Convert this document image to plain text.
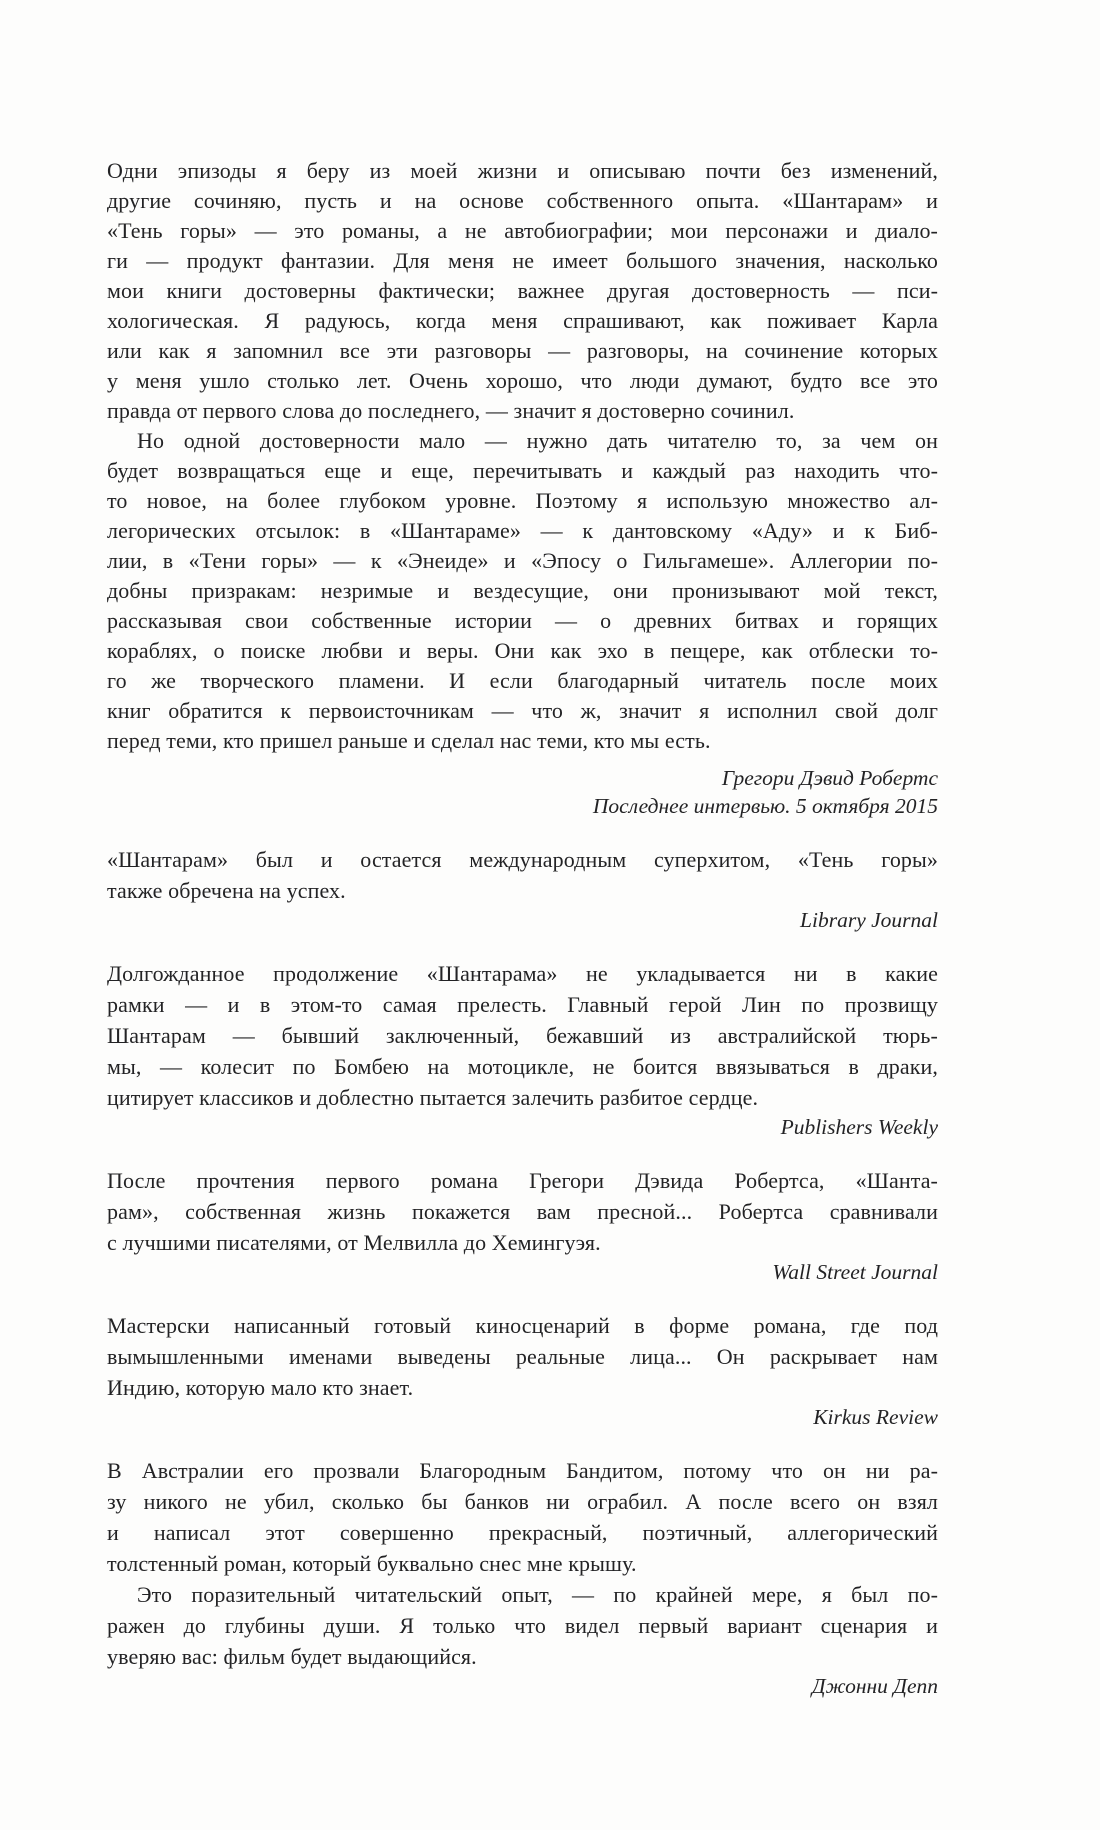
Одни эпизоды я беру из моей жизни и описываю почти без изменений,
другие сочиняю, пусть и на основе собственного опыта. «Шантарам» и
«Тень горы» — это романы, а не автобиографии; мои персонажи и диало-
ги — продукт фантазии. Для меня не имеет большого значения, насколько
мои книги достоверны фактически; важнее другая достоверность — пси-
хологическая. Я радуюсь, когда меня спрашивают, как поживает Карла
или как я запомнил все эти разговоры — разговоры, на сочинение которых
у меня ушло столько лет. Очень хорошо, что люди думают, будто все это
правда от первого слова до последнего, — значит я достоверно сочинил.
Но одной достоверности мало — нужно дать читателю то, за чем он
будет возвращаться еще и еще, перечитывать и каждый раз находить что-
то новое, на более глубоком уровне. Поэтому я использую множество ал-
легорических отсылок: в «Шантараме» — к дантовскому «Аду» и к Биб-
лии, в «Тени горы» — к «Энеиде» и «Эпосу о Гильгамеше». Аллегории по-
добны призракам: незримые и вездесущие, они пронизывают мой текст,
рассказывая свои собственные истории — о древних битвах и горящих
кораблях, о поиске любви и веры. Они как эхо в пещере, как отблески то-
го же творческого пламени. И если благодарный читатель после моих
книг обратится к первоисточникам — что ж, значит я исполнил свой долг
перед теми, кто пришел раньше и сделал нас теми, кто мы есть.
Грегори Дэвид Робертс
Последнее интервью. 5 октября 2015
«Шантарам» был и остается международным суперхитом, «Тень горы»
также обречена на успех.
Library Journal
Долгожданное продолжение «Шантарама» не укладывается ни в какие
рамки — и в этом-то самая прелесть. Главный герой Лин по прозвищу
Шантарам — бывший заключенный, бежавший из австралийской тюрь-
мы, — колесит по Бомбею на мотоцикле, не боится ввязываться в драки,
цитирует классиков и доблестно пытается залечить разбитое сердце.
Publishers Weekly
После прочтения первого романа Грегори Дэвида Робертса, «Шанта-
рам», собственная жизнь покажется вам пресной... Робертса сравнивали
с лучшими писателями, от Мелвилла до Хемингуэя.
Wall Street Journal
Мастерски написанный готовый киносценарий в форме романа, где под
вымышленными именами выведены реальные лица... Он раскрывает нам
Индию, которую мало кто знает.
Kirkus Review
В Австралии его прозвали Благородным Бандитом, потому что он ни ра-
зу никого не убил, сколько бы банков ни ограбил. А после всего он взял
и написал этот совершенно прекрасный, поэтичный, аллегорический
толстенный роман, который буквально снес мне крышу.
Это поразительный читательский опыт, — по крайней мере, я был по-
ражен до глубины души. Я только что видел первый вариант сценария и
уверяю вас: фильм будет выдающийся.
Джонни Депп
